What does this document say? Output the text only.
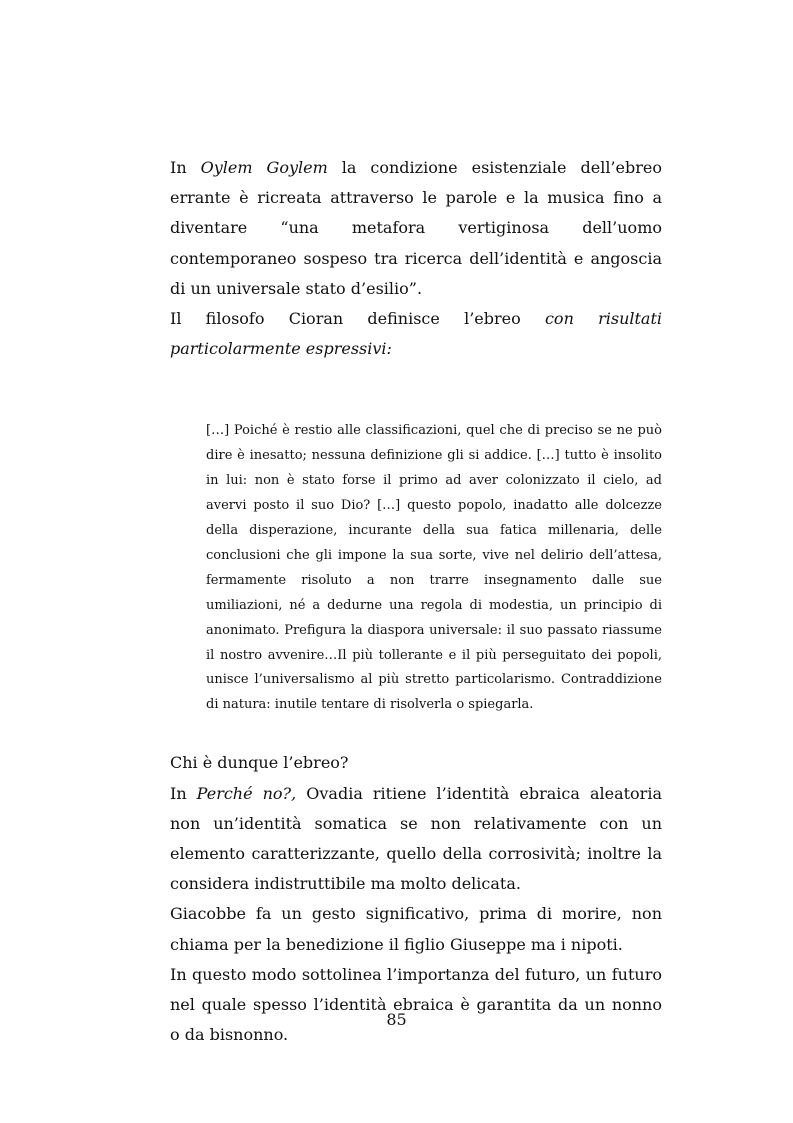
In Oylem Goylem la condizione esistenziale dell’ebreo errante è ricreata attraverso le parole e la musica fino a diventare “una metafora vertiginosa dell’uomo contemporaneo sospeso tra ricerca dell’identità e angoscia di un universale stato d’esilio”.

Il filosofo Cioran definisce l’ebreo con risultati particolarmente espressivi:

[…] Poiché è restio alle classificazioni, quel che di preciso se ne può dire è inesatto; nessuna definizione gli si addice. […] tutto è insolito in lui: non è stato forse il primo ad aver colonizzato il cielo, ad avervi posto il suo Dio? […] questo popolo, inadatto alle dolcezze della disperazione, incurante della sua fatica millenaria, delle conclusioni che gli impone la sua sorte, vive nel delirio dell’attesa, fermamente risoluto a non trarre insegnamento dalle sue umiliazioni, né a dedurne una regola di modestia, un principio di anonimato. Prefigura la diaspora universale: il suo passato riassume il nostro avvenire…Il più tollerante e il più perseguitato dei popoli, unisce l’universalismo al più stretto particolarismo. Contraddizione di natura: inutile tentare di risolverla o spiegarla.

Chi è dunque l’ebreo?

In Perché no?, Ovadia ritiene l’identità ebraica aleatoria non un’identità somatica se non relativamente con un elemento caratterizzante, quello della corrosività; inoltre la considera indistruttibile ma molto delicata.

Giacobbe fa un gesto significativo, prima di morire, non chiama per la benedizione il figlio Giuseppe ma i nipoti.

In questo modo sottolinea l’importanza del futuro, un futuro nel quale spesso l’identità ebraica è garantita da un nonno o da bisnonno.

85
